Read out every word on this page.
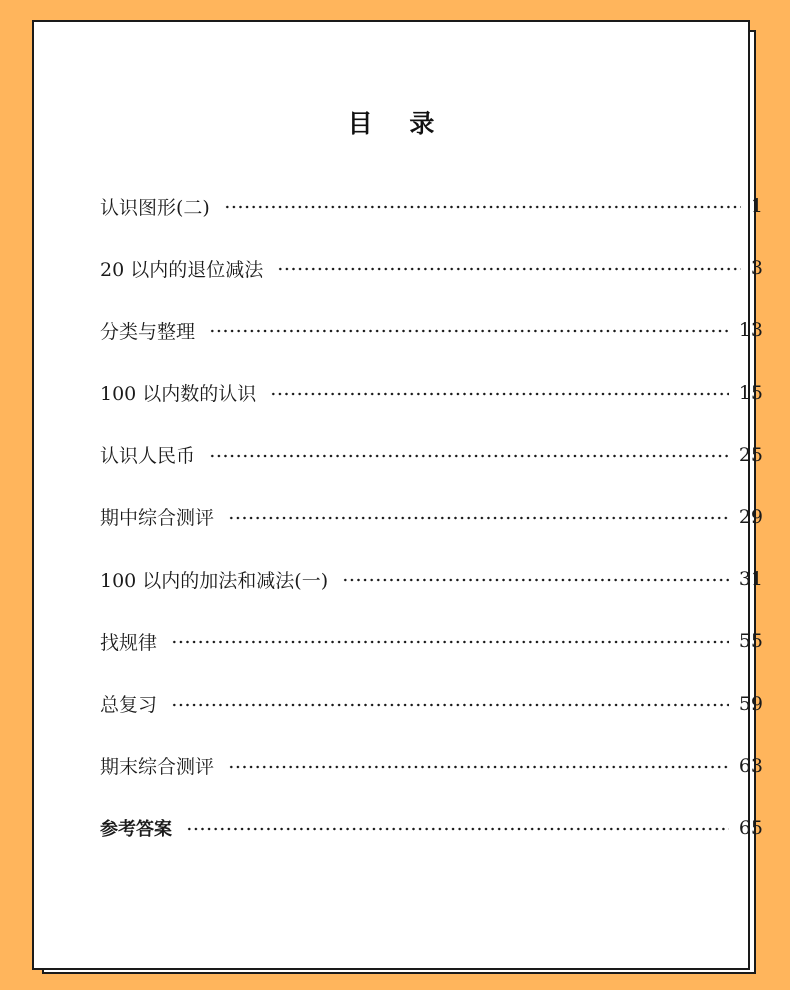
目 录
认识图形(二)	1
20 以内的退位减法	3
分类与整理	13
100 以内数的认识	15
认识人民币	25
期中综合测评	29
100 以内的加法和减法(一)	31
找规律	55
总复习	59
期末综合测评	63
参考答案	65
